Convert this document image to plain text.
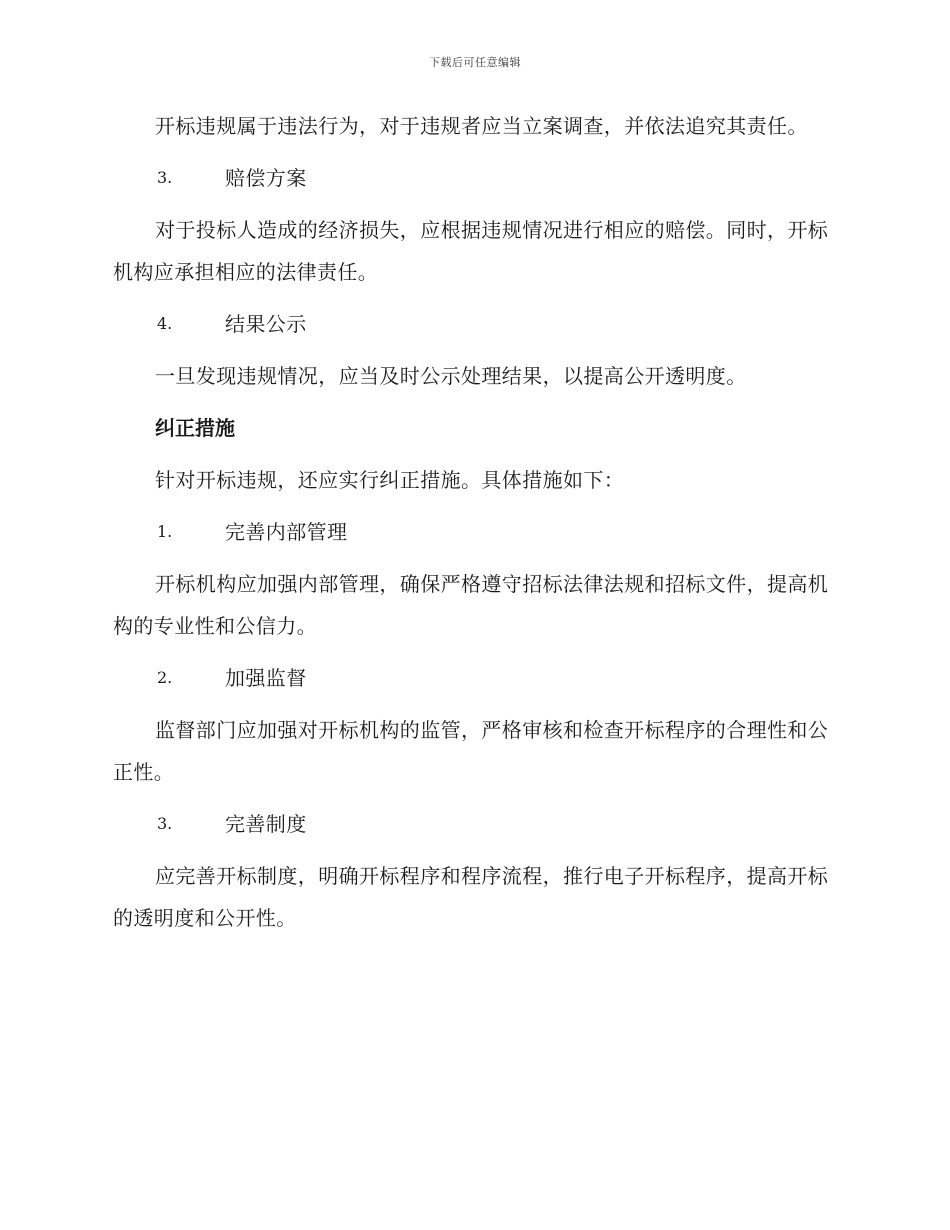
下载后可任意编辑

开标违规属于违法行为，对于违规者应当立案调查，并依法追究其责任。

3.	赔偿方案

对于投标人造成的经济损失，应根据违规情况进行相应的赔偿。同时，开标机构应承担相应的法律责任。

4.	结果公示

一旦发现违规情况，应当及时公示处理结果，以提高公开透明度。

纠正措施

针对开标违规，还应实行纠正措施。具体措施如下：

1.	完善内部管理

开标机构应加强内部管理，确保严格遵守招标法律法规和招标文件，提高机构的专业性和公信力。

2.	加强监督

监督部门应加强对开标机构的监管，严格审核和检查开标程序的合理性和公正性。

3.	完善制度

应完善开标制度，明确开标程序和程序流程，推行电子开标程序，提高开标的透明度和公开性。
